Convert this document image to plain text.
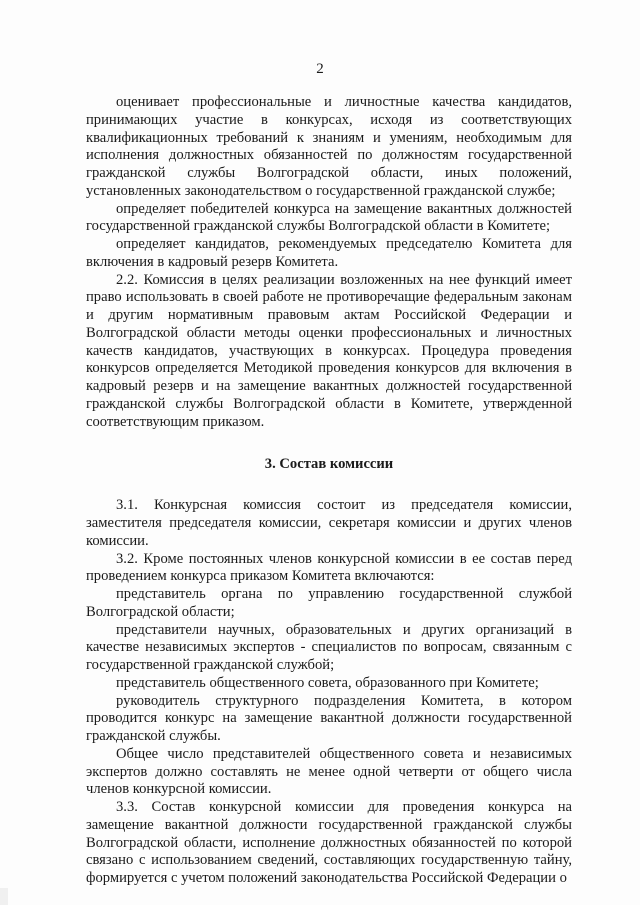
2

оценивает профессиональные и личностные качества кандидатов, принимающих участие в конкурсах, исходя из соответствующих квалификационных требований к знаниям и умениям, необходимым для исполнения должностных обязанностей по должностям государственной гражданской службы Волгоградской области, иных положений, установленных законодательством о государственной гражданской службе;

определяет победителей конкурса на замещение вакантных должностей государственной гражданской службы Волгоградской области в Комитете;

определяет кандидатов, рекомендуемых председателю Комитета для включения в кадровый резерв Комитета.

2.2. Комиссия в целях реализации возложенных на нее функций имеет право использовать в своей работе не противоречащие федеральным законам и другим нормативным правовым актам Российской Федерации и Волгоградской области методы оценки профессиональных и личностных качеств кандидатов, участвующих в конкурсах. Процедура проведения конкурсов определяется Методикой проведения конкурсов для включения в кадровый резерв и на замещение вакантных должностей государственной гражданской службы Волгоградской области в Комитете, утвержденной соответствующим приказом.

3. Состав комиссии

3.1. Конкурсная комиссия состоит из председателя комиссии, заместителя председателя комиссии, секретаря комиссии и других членов комиссии.

3.2. Кроме постоянных членов конкурсной комиссии в ее состав перед проведением конкурса приказом Комитета включаются:

представитель органа по управлению государственной службой Волгоградской области;

представители научных, образовательных и других организаций в качестве независимых экспертов - специалистов по вопросам, связанным с государственной гражданской службой;

представитель общественного совета, образованного при Комитете;

руководитель структурного подразделения Комитета, в котором проводится конкурс на замещение вакантной должности государственной гражданской службы.

Общее число представителей общественного совета и независимых экспертов должно составлять не менее одной четверти от общего числа членов конкурсной комиссии.

3.3. Состав конкурсной комиссии для проведения конкурса на замещение вакантной должности государственной гражданской службы Волгоградской области, исполнение должностных обязанностей по которой связано с использованием сведений, составляющих государственную тайну, формируется с учетом положений законодательства Российской Федерации о
